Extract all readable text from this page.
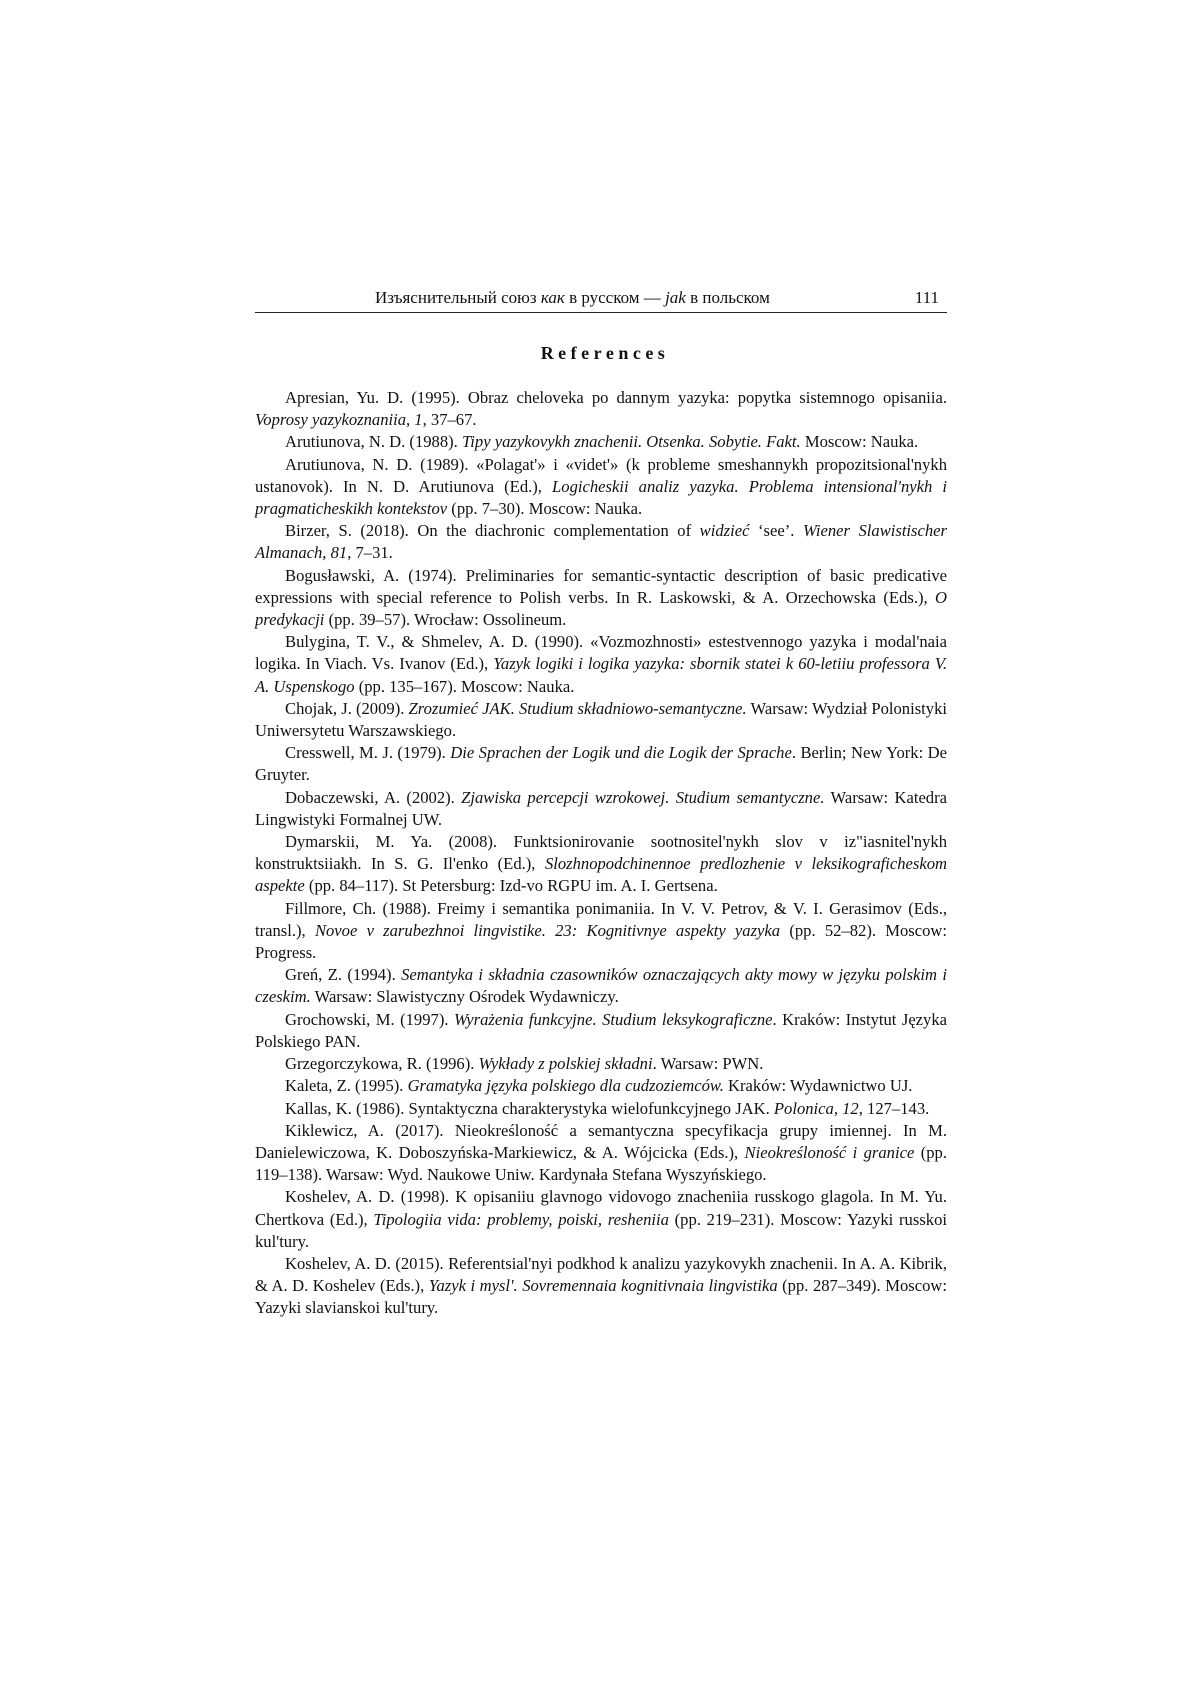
Изъяснительный союз как в русском — jak в польском	111
References

Apresian, Yu. D. (1995). Obraz cheloveka po dannym yazyka: popytka sistemnogo opisaniia. Voprosy yazykoznaniia, 1, 37–67.

Arutiunova, N. D. (1988). Tipy yazykovykh znachenii. Otsenka. Sobytie. Fakt. Moscow: Nauka.

Arutiunova, N. D. (1989). «Polagat'» i «videt'» (k probleme smeshannykh propozitsional'nykh ustanovok). In N. D. Arutiunova (Ed.), Logicheskii analiz yazyka. Problema intensional'nykh i pragmaticheskikh kontekstov (pp. 7–30). Moscow: Nauka.

Birzer, S. (2018). On the diachronic complementation of widzieć ‘see’. Wiener Slawistischer Almanach, 81, 7–31.

Bogusławski, A. (1974). Preliminaries for semantic-syntactic description of basic predicative expressions with special reference to Polish verbs. In R. Laskowski, & A. Orzechowska (Eds.), O predykacji (pp. 39–57). Wrocław: Ossolineum.

Bulygina, T. V., & Shmelev, A. D. (1990). «Vozmozhnosti» estestvennogo yazyka i modal'naia logika. In Viach. Vs. Ivanov (Ed.), Yazyk logiki i logika yazyka: sbornik statei k 60-letiiu professora V. A. Uspenskogo (pp. 135–167). Moscow: Nauka.

Chojak, J. (2009). Zrozumieć JAK. Studium składniowo-semantyczne. Warsaw: Wydział Polonistyki Uniwersytetu Warszawskiego.

Cresswell, M. J. (1979). Die Sprachen der Logik und die Logik der Sprache. Berlin; New York: De Gruyter.

Dobaczewski, A. (2002). Zjawiska percepcji wzrokowej. Studium semantyczne. Warsaw: Katedra Lingwistyki Formalnej UW.

Dymarskii, M. Ya. (2008). Funktsionirovanie sootnositel'nykh slov v iz"iasnitel'nykh konstruktsiiakh. In S. G. Il'enko (Ed.), Slozhnopodchinennoe predlozhenie v leksikograficheskom aspekte (pp. 84–117). St Petersburg: Izd-vo RGPU im. A. I. Gertsena.

Fillmore, Ch. (1988). Freimy i semantika ponimaniia. In V. V. Petrov, & V. I. Gerasimov (Eds., transl.), Novoe v zarubezhnoi lingvistike. 23: Kognitivnye aspekty yazyka (pp. 52–82). Moscow: Progress.

Greń, Z. (1994). Semantyka i składnia czasowników oznaczających akty mowy w języku polskim i czeskim. Warsaw: Slawistyczny Ośrodek Wydawniczy.

Grochowski, M. (1997). Wyrażenia funkcyjne. Studium leksykograficzne. Kraków: Instytut Języka Polskiego PAN.

Grzegorczykowa, R. (1996). Wykłady z polskiej składni. Warsaw: PWN.

Kaleta, Z. (1995). Gramatyka języka polskiego dla cudzoziemców. Kraków: Wydawnictwo UJ.

Kallas, K. (1986). Syntaktyczna charakterystyka wielofunkcyjnego JAK. Polonica, 12, 127–143.

Kiklewicz, A. (2017). Nieokreśloność a semantyczna specyfikacja grupy imiennej. In M. Danielewiczowa, K. Doboszyńska-Markiewicz, & A. Wójcicka (Eds.), Nieokreśloność i granice (pp. 119–138). Warsaw: Wyd. Naukowe Uniw. Kardynała Stefana Wyszyńskiego.

Koshelev, A. D. (1998). K opisaniiu glavnogo vidovogo znacheniia russkogo glagola. In M. Yu. Chertkova (Ed.), Tipologiia vida: problemy, poiski, resheniia (pp. 219–231). Moscow: Yazyki russkoi kul'tury.

Koshelev, A. D. (2015). Referentsial'nyi podkhod k analizu yazykovykh znachenii. In A. A. Kibrik, & A. D. Koshelev (Eds.), Yazyk i mysl'. Sovremennaia kognitivnaia lingvistika (pp. 287–349). Moscow: Yazyki slavianskoi kul'tury.
